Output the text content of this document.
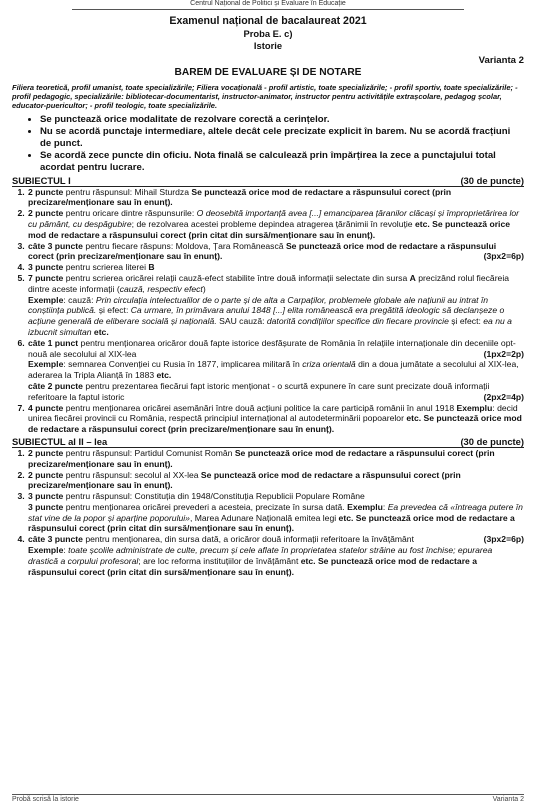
Centrul Național de Politici și Evaluare în Educație
Examenul național de bacalaureat 2021
Proba E. c)
Istorie
Varianta 2
BAREM DE EVALUARE ȘI DE NOTARE
Filiera teoretică, profil umanist, toate specializările; Filiera vocațională - profil artistic, toate specializările; - profil sportiv, toate specializările; - profil pedagogic, specializările: bibliotecar-documentarist, instructor-animator, instructor pentru activitățile extrașcolare, pedagog școlar, educator-puericultor; - profil teologic, toate specializările.
• Se punctează orice modalitate de rezolvare corectă a cerințelor.
• Nu se acordă punctaje intermediare, altele decât cele precizate explicit în barem. Nu se acordă fracțiuni de punct.
• Se acordă zece puncte din oficiu. Nota finală se calculează prin împărțirea la zece a punctajului total acordat pentru lucrare.
SUBIECTUL I	(30 de puncte)
1. 2 puncte pentru răspunsul: Mihail Sturdza Se punctează orice mod de redactare a răspunsului corect (prin precizare/menționare sau în enunț).
2. 2 puncte pentru oricare dintre răspunsurile: O deosebită importanță avea [...] emanciparea țăranilor clăcași și împroprietărirea lor cu pământ, cu despăgubire; de rezolvarea acestei probleme depindea atragerea țărănimii în revoluție etc. Se punctează orice mod de redactare a răspunsului corect (prin citat din sursă/menționare sau în enunț).
3. câte 3 puncte pentru fiecare răspuns: Moldova, Țara Românească Se punctează orice mod de redactare a răspunsului corect (prin precizare/menționare sau în enunț).	(3px2=6p)
4. 3 puncte pentru scrierea literei B
5. 7 puncte pentru scrierea oricărei relații cauză-efect stabilite între două informații selectate din sursa A precizând rolul fiecăreia dintre aceste informații (cauză, respectiv efect)
Exemple: cauză: Prin circulația intelectualilor de o parte și de alta a Carpaților, problemele globale ale națiunii au intrat în conștiința publică. și efect: Ca urmare, în primăvara anului 1848 [...] elita românească era pregătită ideologic să declanșeze o acțiune generală de eliberare socială și națională. SAU cauză: datorită condițiilor specifice din fiecare provincie și efect: ea nu a izbucnit simultan etc.
6. câte 1 punct pentru menționarea oricăror două fapte istorice desfășurate de România în relațiile internaționale din deceniile opt-nouă ale secolului al XIX-lea	(1px2=2p)
Exemple: semnarea Convenției cu Rusia în 1877, implicarea militară în criza orientală din a doua jumătate a secolului al XIX-lea, aderarea la Tripla Alianță în 1883 etc.
câte 2 puncte pentru prezentarea fiecărui fapt istoric menționat - o scurtă expunere în care sunt precizate două informații referitoare la faptul istoric	(2px2=4p)
7. 4 puncte pentru menționarea oricărei asemănări între două acțiuni politice la care participă românii în anul 1918 Exemplu: decid unirea fiecărei provincii cu România, respectă principiul internațional al autodeterminării popoarelor etc. Se punctează orice mod de redactare a răspunsului corect (prin precizare/menționare sau în enunț).
SUBIECTUL al II – lea	(30 de puncte)
1. 2 puncte pentru răspunsul: Partidul Comunist Român Se punctează orice mod de redactare a răspunsului corect (prin precizare/menționare sau în enunț).
2. 2 puncte pentru răspunsul: secolul al XX-lea Se punctează orice mod de redactare a răspunsului corect (prin precizare/menționare sau în enunț).
3. 3 puncte pentru răspunsul: Constituția din 1948/Constituția Republicii Populare Române
3 puncte pentru menționarea oricărei prevederi a acesteia, precizate în sursa dată. Exemplu: Ea prevedea că «întreaga putere în stat vine de la popor și aparține poporului», Marea Adunare Națională emitea legi etc. Se punctează orice mod de redactare a răspunsului corect (prin citat din sursă/menționare sau în enunț).
4. câte 3 puncte pentru menționarea, din sursa dată, a oricăror două informații referitoare la învățământ	(3px2=6p)
Exemple: toate școlile administrate de culte, precum și cele aflate în proprietatea statelor străine au fost închise; epurarea drastică a corpului profesoral; are loc reforma instituțiilor de învățământ etc. Se punctează orice mod de redactare a răspunsului corect (prin citat din sursă/menționare sau în enunț).
Probă scrisă la istorie	Varianta 2
